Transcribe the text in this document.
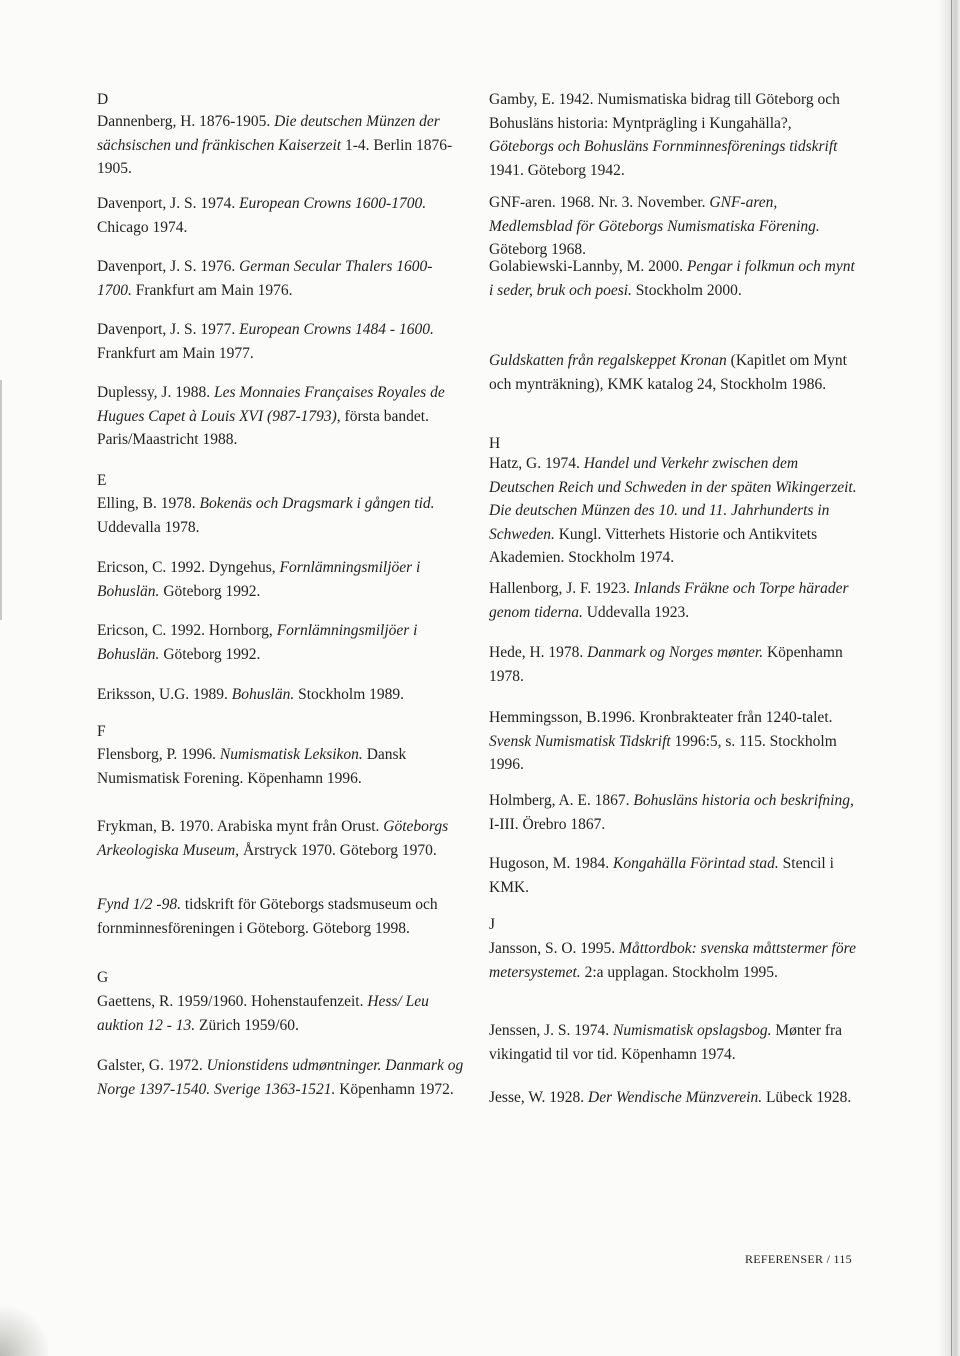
D
Dannenberg, H. 1876-1905. Die deutschen Münzen der sächsischen und fränkischen Kaiserzeit 1-4. Berlin 1876-1905.
Davenport, J. S. 1974. European Crowns 1600-1700. Chicago 1974.
Davenport, J. S. 1976. German Secular Thalers 1600-1700. Frankfurt am Main 1976.
Davenport, J. S. 1977. European Crowns 1484 - 1600. Frankfurt am Main 1977.
Duplessy, J. 1988. Les Monnaies Françaises Royales de Hugues Capet à Louis XVI (987-1793), första bandet. Paris/Maastricht 1988.
E
Elling, B. 1978. Bokenäs och Dragsmark i gången tid. Uddevalla 1978.
Ericson, C. 1992. Dyngehus, Fornlämningsmiljöer i Bohuslän. Göteborg 1992.
Ericson, C. 1992. Hornborg, Fornlämningsmiljöer i Bohuslän. Göteborg 1992.
Eriksson, U.G. 1989. Bohuslän. Stockholm 1989.
F
Flensborg, P. 1996. Numismatisk Leksikon. Dansk Numismatisk Forening. Köpenhamn 1996.
Frykman, B. 1970. Arabiska mynt från Orust. Göteborgs Arkeologiska Museum, Årstryck 1970. Göteborg 1970.
Fynd 1/2 -98. tidskrift för Göteborgs stadsmuseum och fornminnesföreningen i Göteborg. Göteborg 1998.
G
Gaettens, R. 1959/1960. Hohenstaufenzeit. Hess/ Leu auktion 12 - 13. Zürich 1959/60.
Galster, G. 1972. Unionstidens udmøntninger. Danmark og Norge 1397-1540. Sverige 1363-1521. Köpenhamn 1972.
Gamby, E. 1942. Numismatiska bidrag till Göteborg och Bohusläns historia: Myntprägling i Kungahälla?, Göteborgs och Bohusläns Fornminnesförenings tidskrift 1941. Göteborg 1942.
GNF-aren. 1968. Nr. 3. November. GNF-aren, Medlemsblad för Göteborgs Numismatiska Förening. Göteborg 1968.
Golabiewski-Lannby, M. 2000. Pengar i folkmun och mynt i seder, bruk och poesi. Stockholm 2000.
Guldskatten från regalskeppet Kronan (Kapitlet om Mynt och mynträkning), KMK katalog 24, Stockholm 1986.
H
Hatz, G. 1974. Handel und Verkehr zwischen dem Deutschen Reich und Schweden in der späten Wikingerzeit. Die deutschen Münzen des 10. und 11. Jahrhunderts in Schweden. Kungl. Vitterhets Historie och Antikvitets Akademien. Stockholm 1974.
Hallenborg, J. F. 1923. Inlands Fräkne och Torpe härader genom tiderna. Uddevalla 1923.
Hede, H. 1978. Danmark og Norges mønter. Köpenhamn 1978.
Hemmingsson, B.1996. Kronbrakteater från 1240-talet. Svensk Numismatisk Tidskrift 1996:5, s. 115. Stockholm 1996.
Holmberg, A. E. 1867. Bohusläns historia och beskrifning, I-III. Örebro 1867.
Hugoson, M. 1984. Kongahälla Förintad stad. Stencil i KMK.
J
Jansson, S. O. 1995. Måttordbok: svenska måttstermer före metersystemet. 2:a upplagan. Stockholm 1995.
Jenssen, J. S. 1974. Numismatisk opslagsbog. Mønter fra vikingatid til vor tid. Köpenhamn 1974.
Jesse, W. 1928. Der Wendische Münzverein. Lübeck 1928.
REFERENSER / 115
